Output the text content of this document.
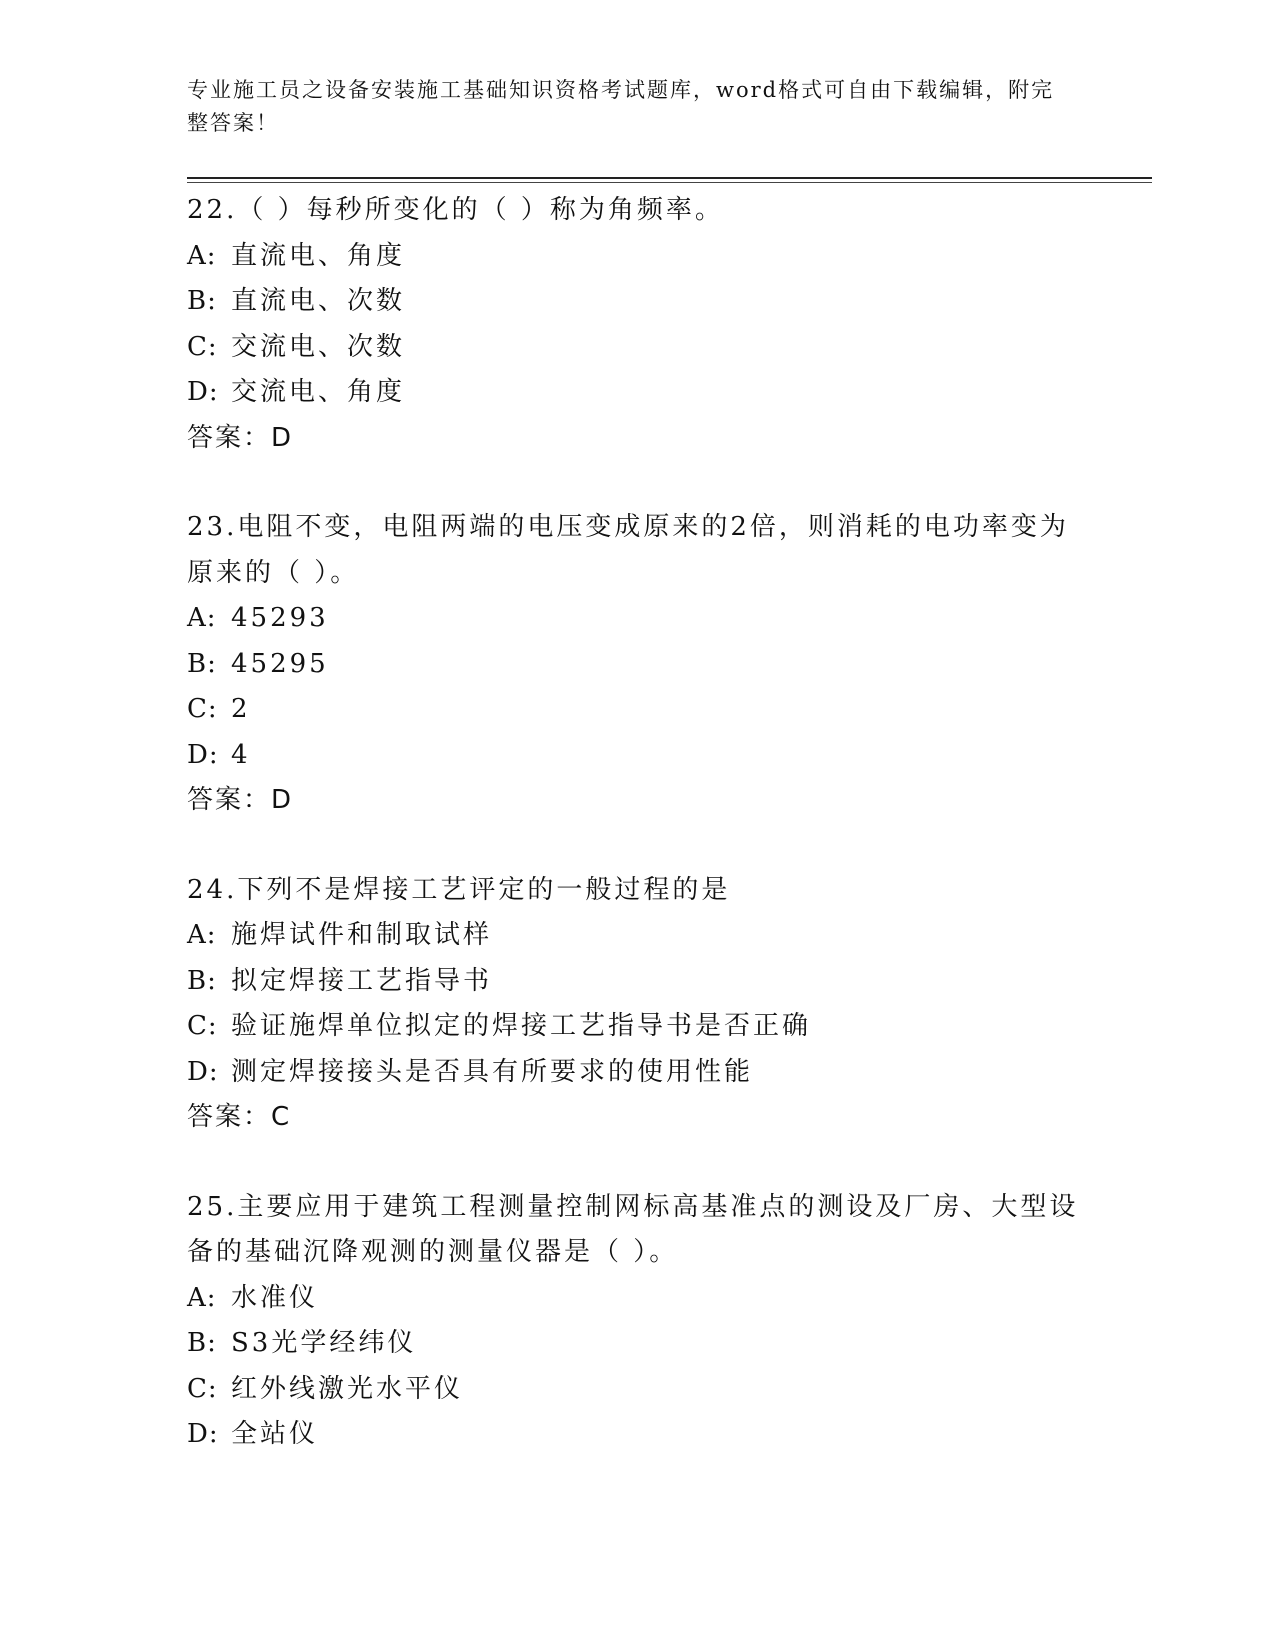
专业施工员之设备安装施工基础知识资格考试题库，word格式可自由下载编辑，附完整答案！
22.（ ）每秒所变化的（ ）称为角频率。
A: 直流电、角度
B: 直流电、次数
C: 交流电、次数
D: 交流电、角度
答案：D
23.电阻不变，电阻两端的电压变成原来的2倍，则消耗的电功率变为原来的（ ）。
A: 45293
B: 45295
C: 2
D: 4
答案：D
24.下列不是焊接工艺评定的一般过程的是
A: 施焊试件和制取试样
B: 拟定焊接工艺指导书
C: 验证施焊单位拟定的焊接工艺指导书是否正确
D: 测定焊接接头是否具有所要求的使用性能
答案：C
25.主要应用于建筑工程测量控制网标高基准点的测设及厂房、大型设备的基础沉降观测的测量仪器是（ ）。
A: 水准仪
B: S3光学经纬仪
C: 红外线激光水平仪
D: 全站仪
